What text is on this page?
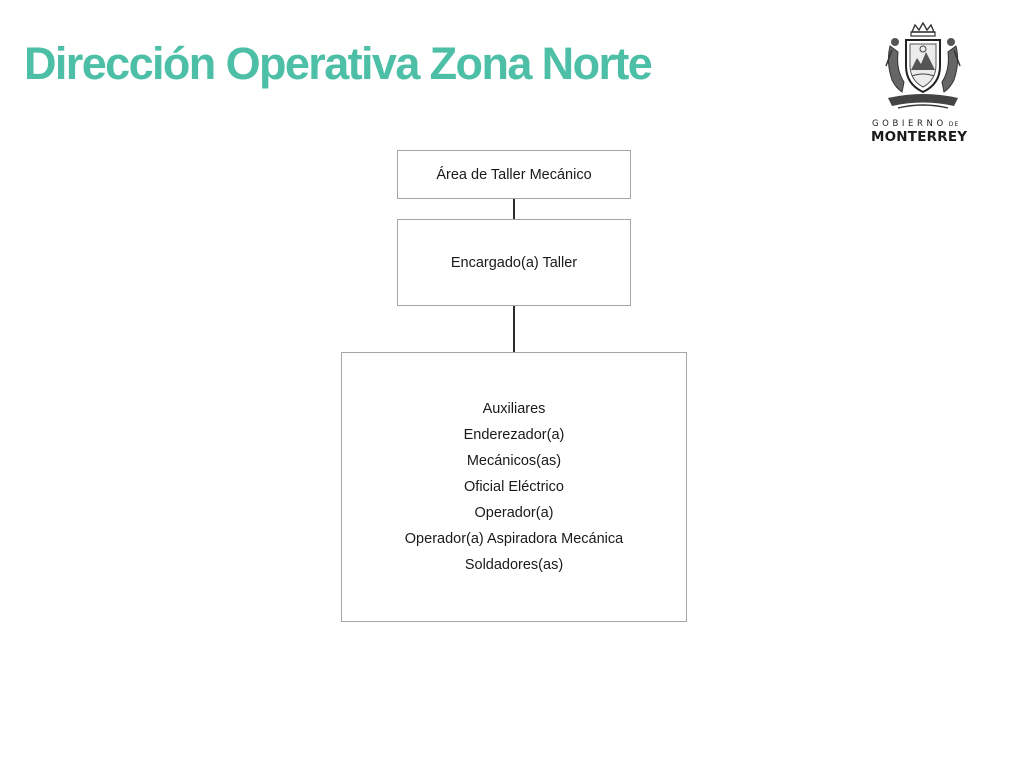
Dirección Operativa Zona Norte
GOBIERNO DE
MONTERREY
Área de Taller Mecánico
Encargado(a) Taller
Auxiliares
Enderezador(a)
Mecánicos(as)
Oficial Eléctrico
Operador(a)
Operador(a) Aspiradora Mecánica
Soldadores(as)
